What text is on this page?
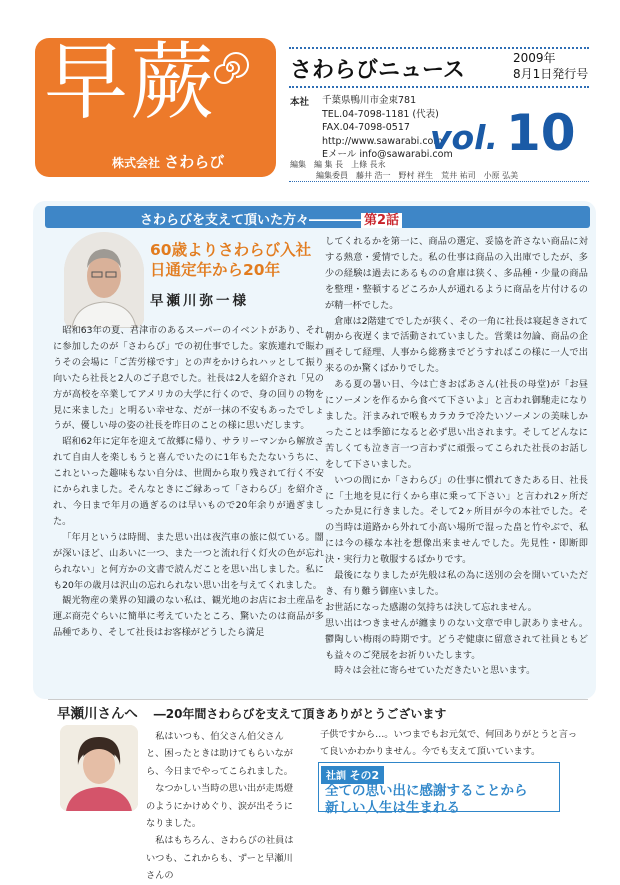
早蕨
株式会社 さわらび
さわらびニュース	2009年
8月1日発行号
本社 千葉県鴨川市金束781
TEL.04-7098-1181 (代表)
FAX.04-7098-0517
http://www.sawarabi.com
Eメール info@sawarabi.com
vol. 10
編集　 編 集 長　上條 長永
編集委員　藤井 浩一　野村 祥生　荒井 祐司　小原 弘美
さわらびを支えて頂いた方々―――― 第2話
60歳よりさわらび入社
日通定年から20年
早瀬川弥一様

昭和63年の夏、君津市のあるスーパーのイベントがあり、それに参加したのが「さわらび」での初仕事でした。家族連れで賑わうその会場に「ご苦労様です」との声をかけられハッとして振り向いたら社長と2人のご子息でした。社長は2人を紹介され「兄の方が高校を卒業してアメリカの大学に行くので、身の回りの物を見に来ました」と明るい幸せな、だが一抹の不安もあったでしょうが、優しい母の姿の社長を昨日のことの様に思いだします。

昭和62年に定年を迎えて故郷に帰り、サラリーマンから解放されて自由人を楽しもうと喜んでいたのに1年もたたないうちに、これといった趣味もない自分は、世間から取り残されて行く不安にかられました。そんなときにご縁あって「さわらび」を紹介され、今日まで年月の過ぎるのは早いもので20年余りが過ぎました。

「年月というは時間、また思い出は夜汽車の旅に似ている。闇が深いほど、山あいに一つ、また一つと流れ行く灯火の色が忘れられない」と何方かの文書で読んだことを思い出しました。私にも20年の歳月は沢山の忘れられない思い出を与えてくれました。

観光物産の業界の知識のない私は、観光地のお店にお土産品を運ぶ商売ぐらいに簡単に考えていたところ、驚いたのは商品が多品種であり、そして社長はお客様がどうしたら満足

してくれるかを第一に、商品の選定、妥協を許さない商品に対する熱意・愛情でした。私の仕事は商品の入出庫でしたが、多少の経験は過去にあるものの倉庫は狭く、多品種・少量の商品を整理・整頓するどころか人が通れるように商品を片付けるのが精一杯でした。

倉庫は2階建てでしたが狭く、その一角に社長は寝起きされて朝から夜遅くまで活動されていました。営業は勿論、商品の企画そして経理、人事から総務までどうすればこの様に一人で出来るのか驚くばかりでした。

ある夏の暑い日、今は亡きおばあさん(社長の母堂)が「お昼にソーメンを作るから食べて下さいよ」と言われ御馳走になりました。汗まみれで喉もカラカラで冷たいソーメンの美味しかったことは季節になると必ず思い出されます。そしてどんなに苦しくても泣き言一つ言わずに頑張ってこられた社長のお話しをして下さいました。

いつの間にか「さわらび」の仕事に慣れてきたある日、社長に「土地を見に行くから車に乗って下さい」と言われ2ヶ所だったか見に行きました。そして2ヶ所目が今の本社でした。その当時は道路から外れて小高い場所で湿った畠と竹やぶで、私には今の様な本社を想像出来ませんでした。先見性・即断即決・実行力と敬服するばかりです。

最後になりましたが先般は私の為に送別の会を開いていただき、有り難う御座いました。

お世話になった感謝の気持ちは決して忘れません。

思い出はつきませんが纏まりのない文章で申し訳ありません。鬱陶しい梅雨の時期です。どうぞ健康に留意されて社員ともども益々のご発展をお祈りいたします。

時々は会社に寄らせていただきたいと思います。

早瀬川さんへ ―20年間さわらびを支えて頂きありがとうございます

私はいつも、伯父さん伯父さんと、困ったときは助けてもらいながら、今日までやってこられました。

なつかしい当時の思い出が走馬燈のようにかけめぐり、涙が出そうになりました。

私はもちろん、さわらびの社員はいつも、これからも、ずーと早瀬川さんの

子供ですから…。いつまでもお元気で、何回ありがとうと言って良いかわかりません。今でも支えて頂いています。

社訓 その2
全ての思い出に感謝することから
新しい人生は生まれる
